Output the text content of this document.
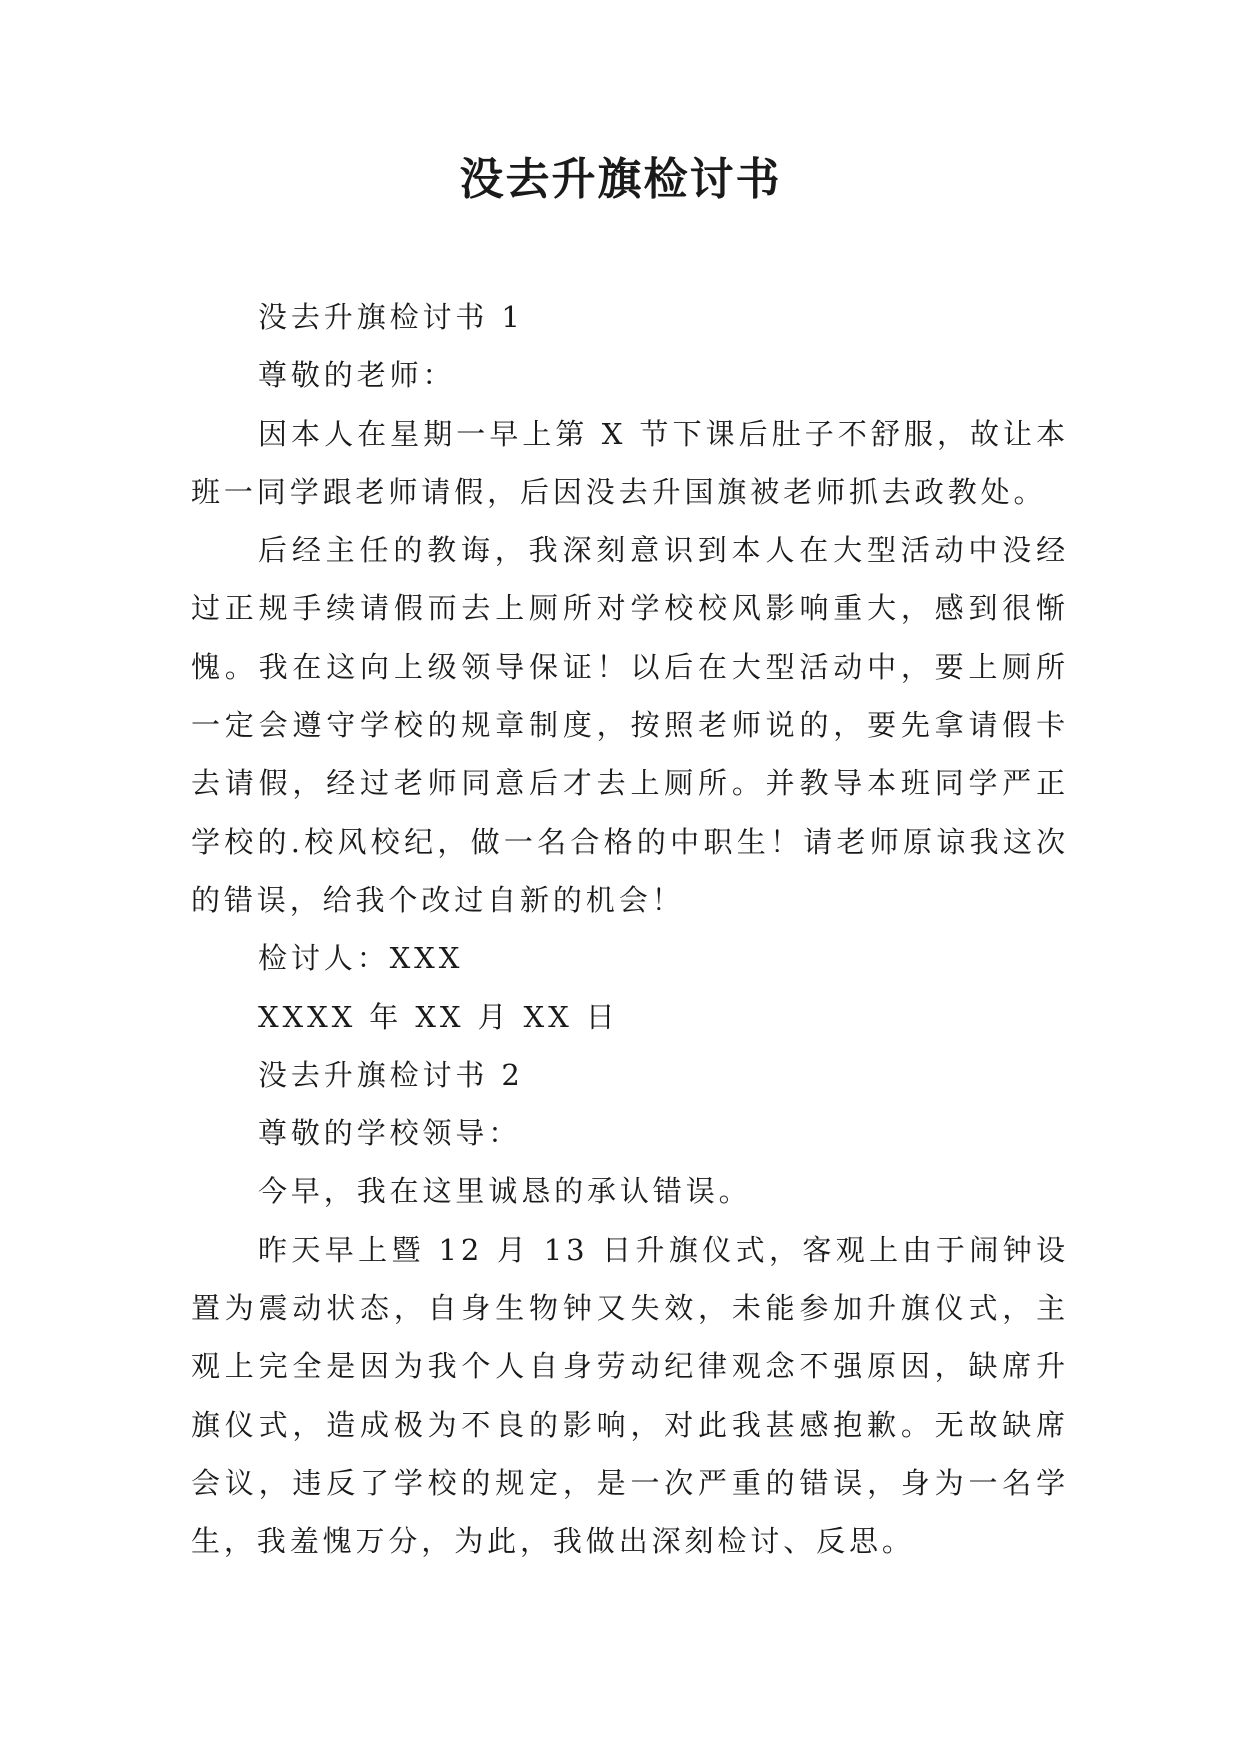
没去升旗检讨书

没去升旗检讨书 1

尊敬的老师：

因本人在星期一早上第 X 节下课后肚子不舒服，故让本班一同学跟老师请假，后因没去升国旗被老师抓去政教处。

后经主任的教诲，我深刻意识到本人在大型活动中没经过正规手续请假而去上厕所对学校校风影响重大，感到很惭愧。我在这向上级领导保证！以后在大型活动中，要上厕所一定会遵守学校的规章制度，按照老师说的，要先拿请假卡去请假，经过老师同意后才去上厕所。并教导本班同学严正学校的.校风校纪，做一名合格的中职生！请老师原谅我这次的错误，给我个改过自新的机会！

检讨人：XXX

XXXX 年 XX 月 XX 日

没去升旗检讨书 2

尊敬的学校领导：

今早，我在这里诚恳的承认错误。

昨天早上暨 12 月 13 日升旗仪式，客观上由于闹钟设置为震动状态，自身生物钟又失效，未能参加升旗仪式，主观上完全是因为我个人自身劳动纪律观念不强原因，缺席升旗仪式，造成极为不良的影响，对此我甚感抱歉。无故缺席会议，违反了学校的规定，是一次严重的错误，身为一名学生，我羞愧万分，为此，我做出深刻检讨、反思。
